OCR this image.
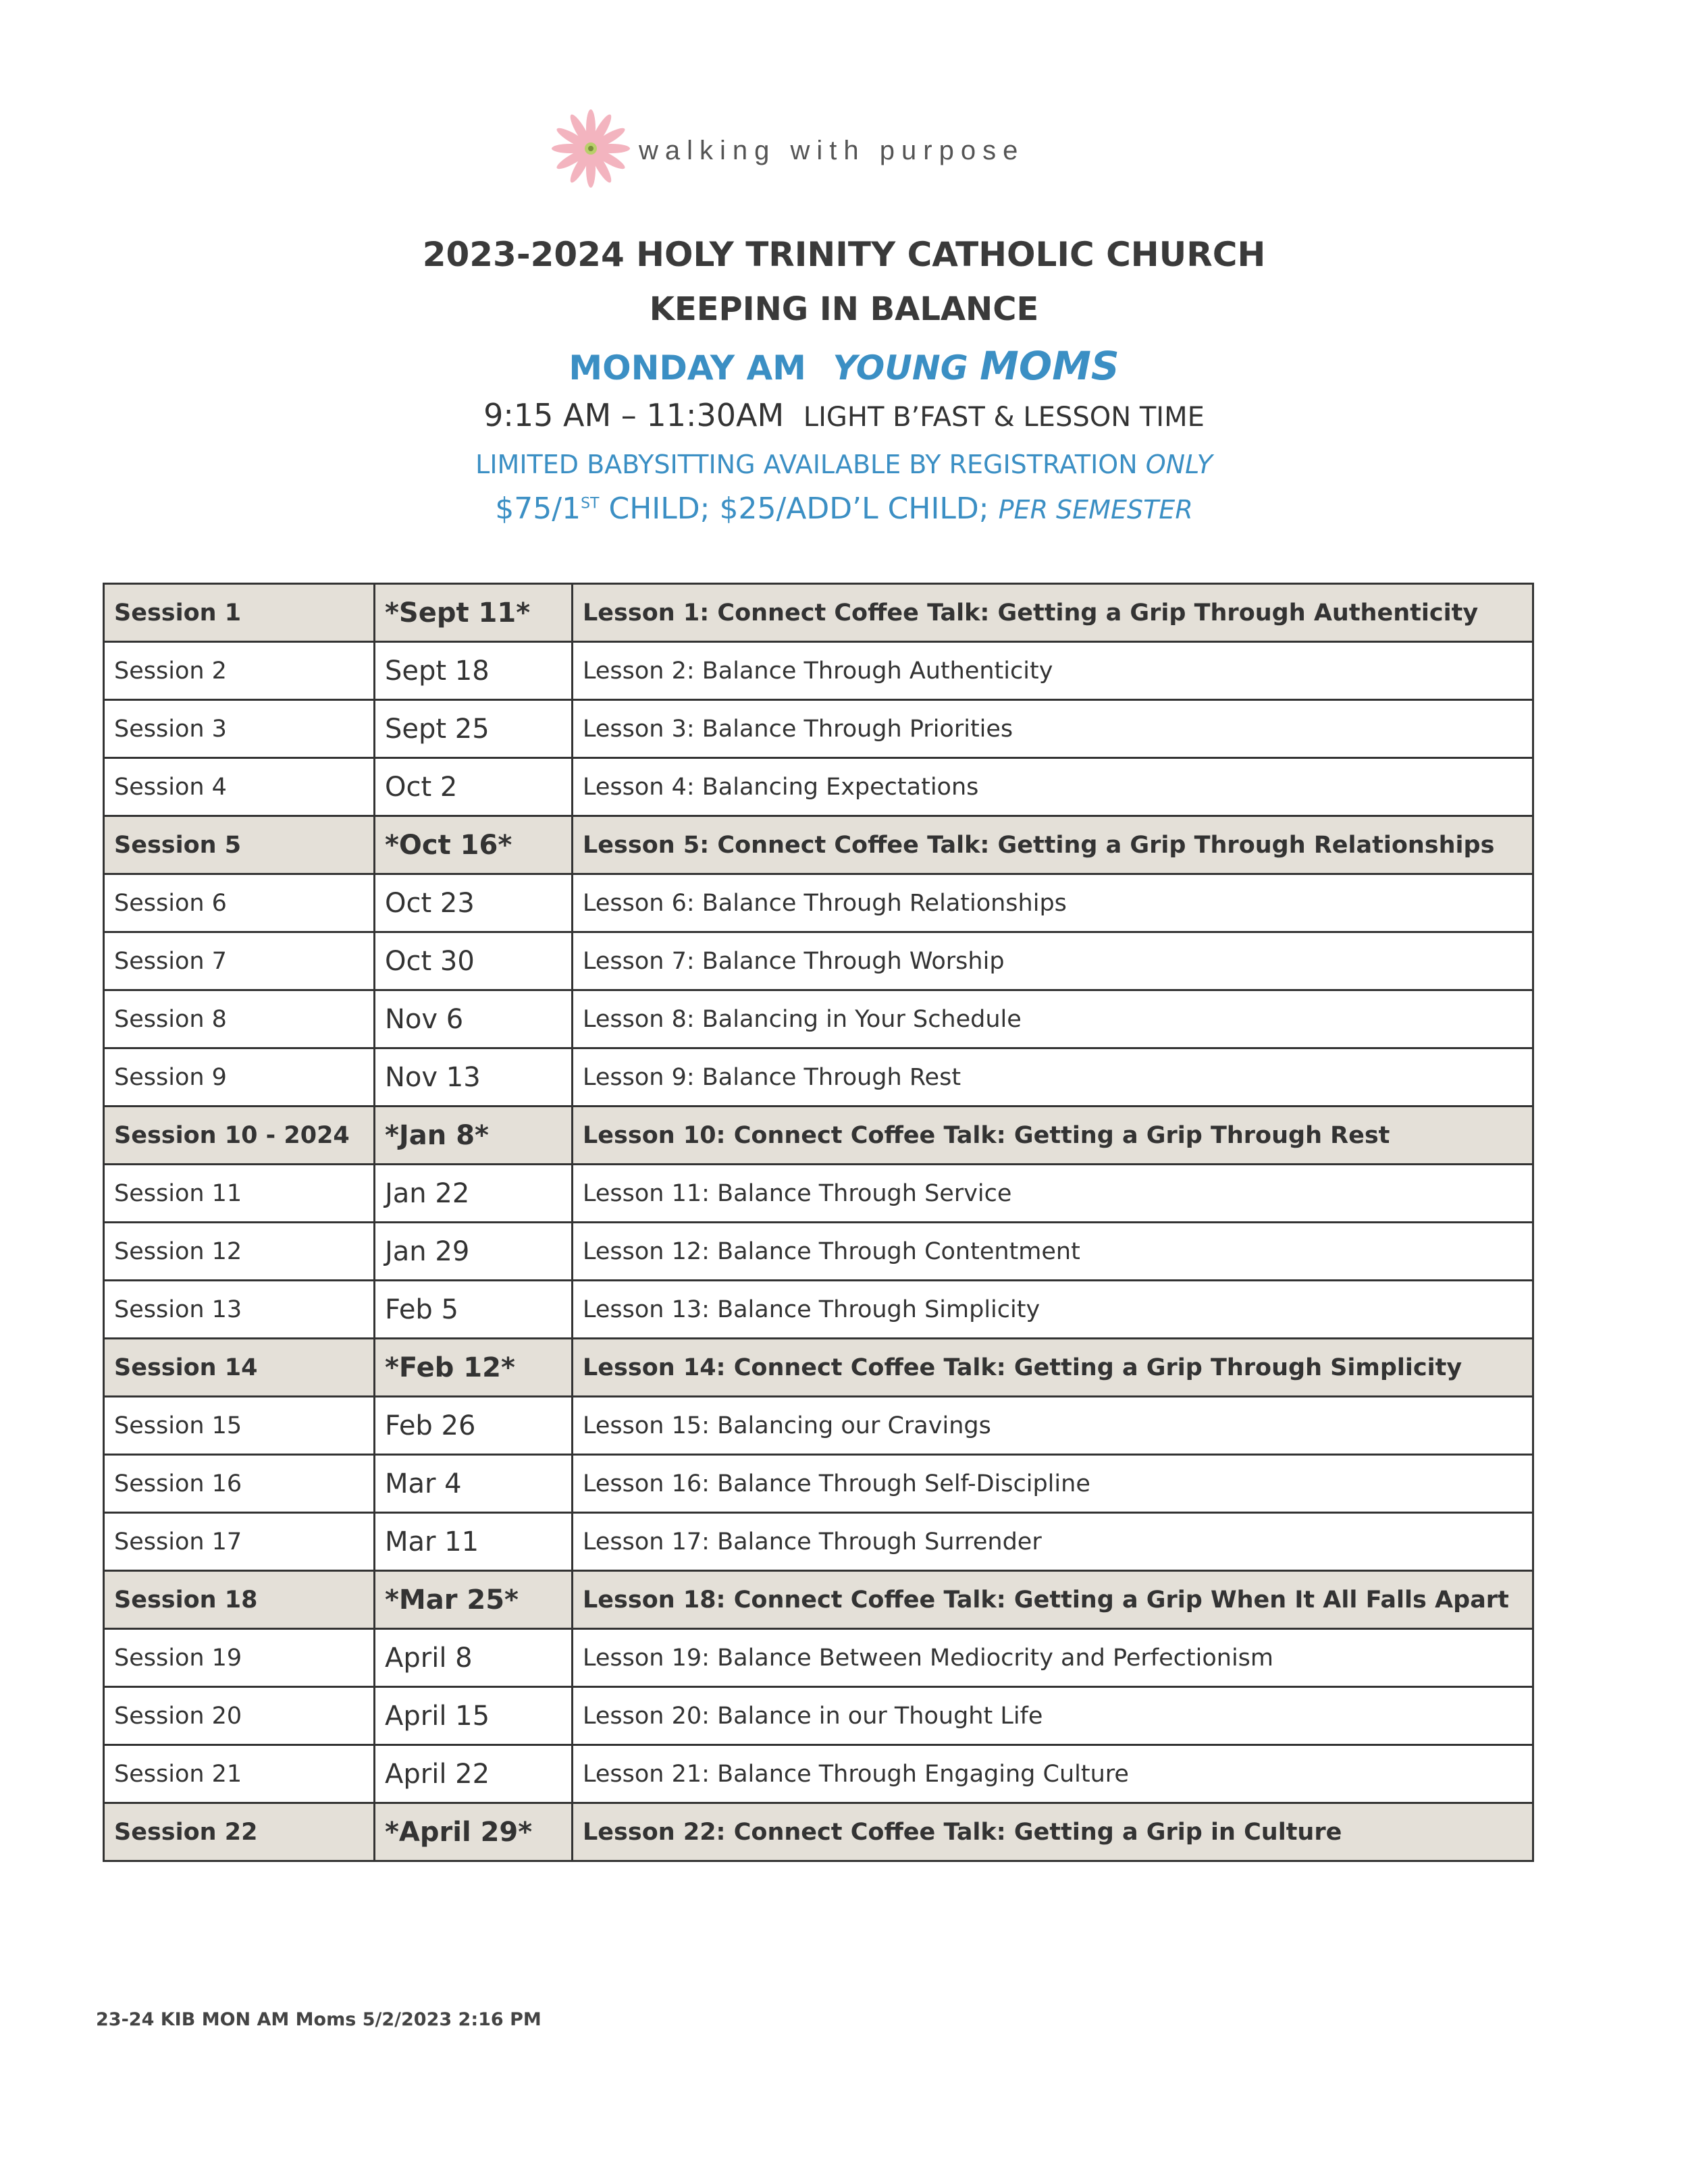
walking with purpose
2023-2024 HOLY TRINITY CATHOLIC CHURCH
KEEPING IN BALANCE
MONDAY AM YOUNG MOMS
9:15 AM – 11:30AM LIGHT B’FAST & LESSON TIME
LIMITED BABYSITTING AVAILABLE BY REGISTRATION ONLY
$75/1ST CHILD; $25/ADD’L CHILD; PER SEMESTER
Session 1	*Sept 11*	Lesson 1: Connect Coffee Talk: Getting a Grip Through Authenticity
Session 2	Sept 18	Lesson 2: Balance Through Authenticity
Session 3	Sept 25	Lesson 3: Balance Through Priorities
Session 4	Oct 2	Lesson 4: Balancing Expectations
Session 5	*Oct 16*	Lesson 5: Connect Coffee Talk: Getting a Grip Through Relationships
Session 6	Oct 23	Lesson 6: Balance Through Relationships
Session 7	Oct 30	Lesson 7: Balance Through Worship
Session 8	Nov 6	Lesson 8: Balancing in Your Schedule
Session 9	Nov 13	Lesson 9: Balance Through Rest
Session 10 - 2024	*Jan 8*	Lesson 10: Connect Coffee Talk: Getting a Grip Through Rest
Session 11	Jan 22	Lesson 11: Balance Through Service
Session 12	Jan 29	Lesson 12: Balance Through Contentment
Session 13	Feb 5	Lesson 13: Balance Through Simplicity
Session 14	*Feb 12*	Lesson 14: Connect Coffee Talk: Getting a Grip Through Simplicity
Session 15	Feb 26	Lesson 15: Balancing our Cravings
Session 16	Mar 4	Lesson 16: Balance Through Self-Discipline
Session 17	Mar 11	Lesson 17: Balance Through Surrender
Session 18	*Mar 25*	Lesson 18: Connect Coffee Talk: Getting a Grip When It All Falls Apart
Session 19	April 8	Lesson 19: Balance Between Mediocrity and Perfectionism
Session 20	April 15	Lesson 20: Balance in our Thought Life
Session 21	April 22	Lesson 21: Balance Through Engaging Culture
Session 22	*April 29*	Lesson 22: Connect Coffee Talk: Getting a Grip in Culture
23-24 KIB MON AM Moms 5/2/2023 2:16 PM
